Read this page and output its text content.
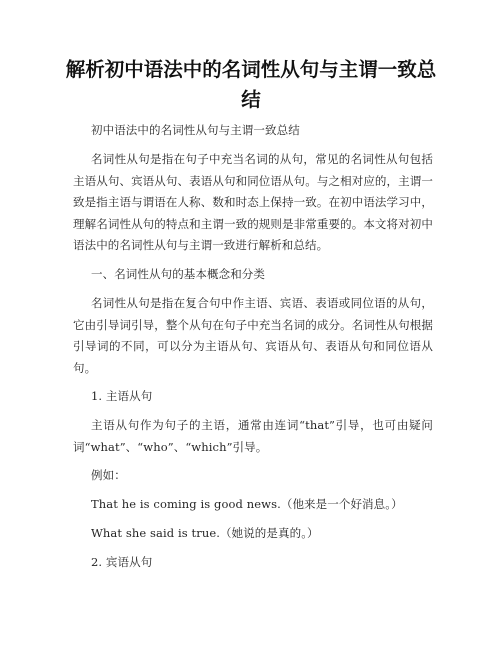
解析初中语法中的名词性从句与主谓一致总
结

初中语法中的名词性从句与主谓一致总结

名词性从句是指在句子中充当名词的从句，常见的名词性从句包括主语从句、宾语从句、表语从句和同位语从句。与之相对应的，主谓一致是指主语与谓语在人称、数和时态上保持一致。在初中语法学习中，理解名词性从句的特点和主谓一致的规则是非常重要的。本文将对初中语法中的名词性从句与主谓一致进行解析和总结。

一、名词性从句的基本概念和分类

名词性从句是指在复合句中作主语、宾语、表语或同位语的从句，它由引导词引导，整个从句在句子中充当名词的成分。名词性从句根据引导词的不同，可以分为主语从句、宾语从句、表语从句和同位语从句。

1. 主语从句

主语从句作为句子的主语，通常由连词“that”引导，也可由疑问词“what”、“who”、“which”引导。

例如：

That he is coming is good news.（他来是一个好消息。）

What she said is true.（她说的是真的。）

2. 宾语从句
